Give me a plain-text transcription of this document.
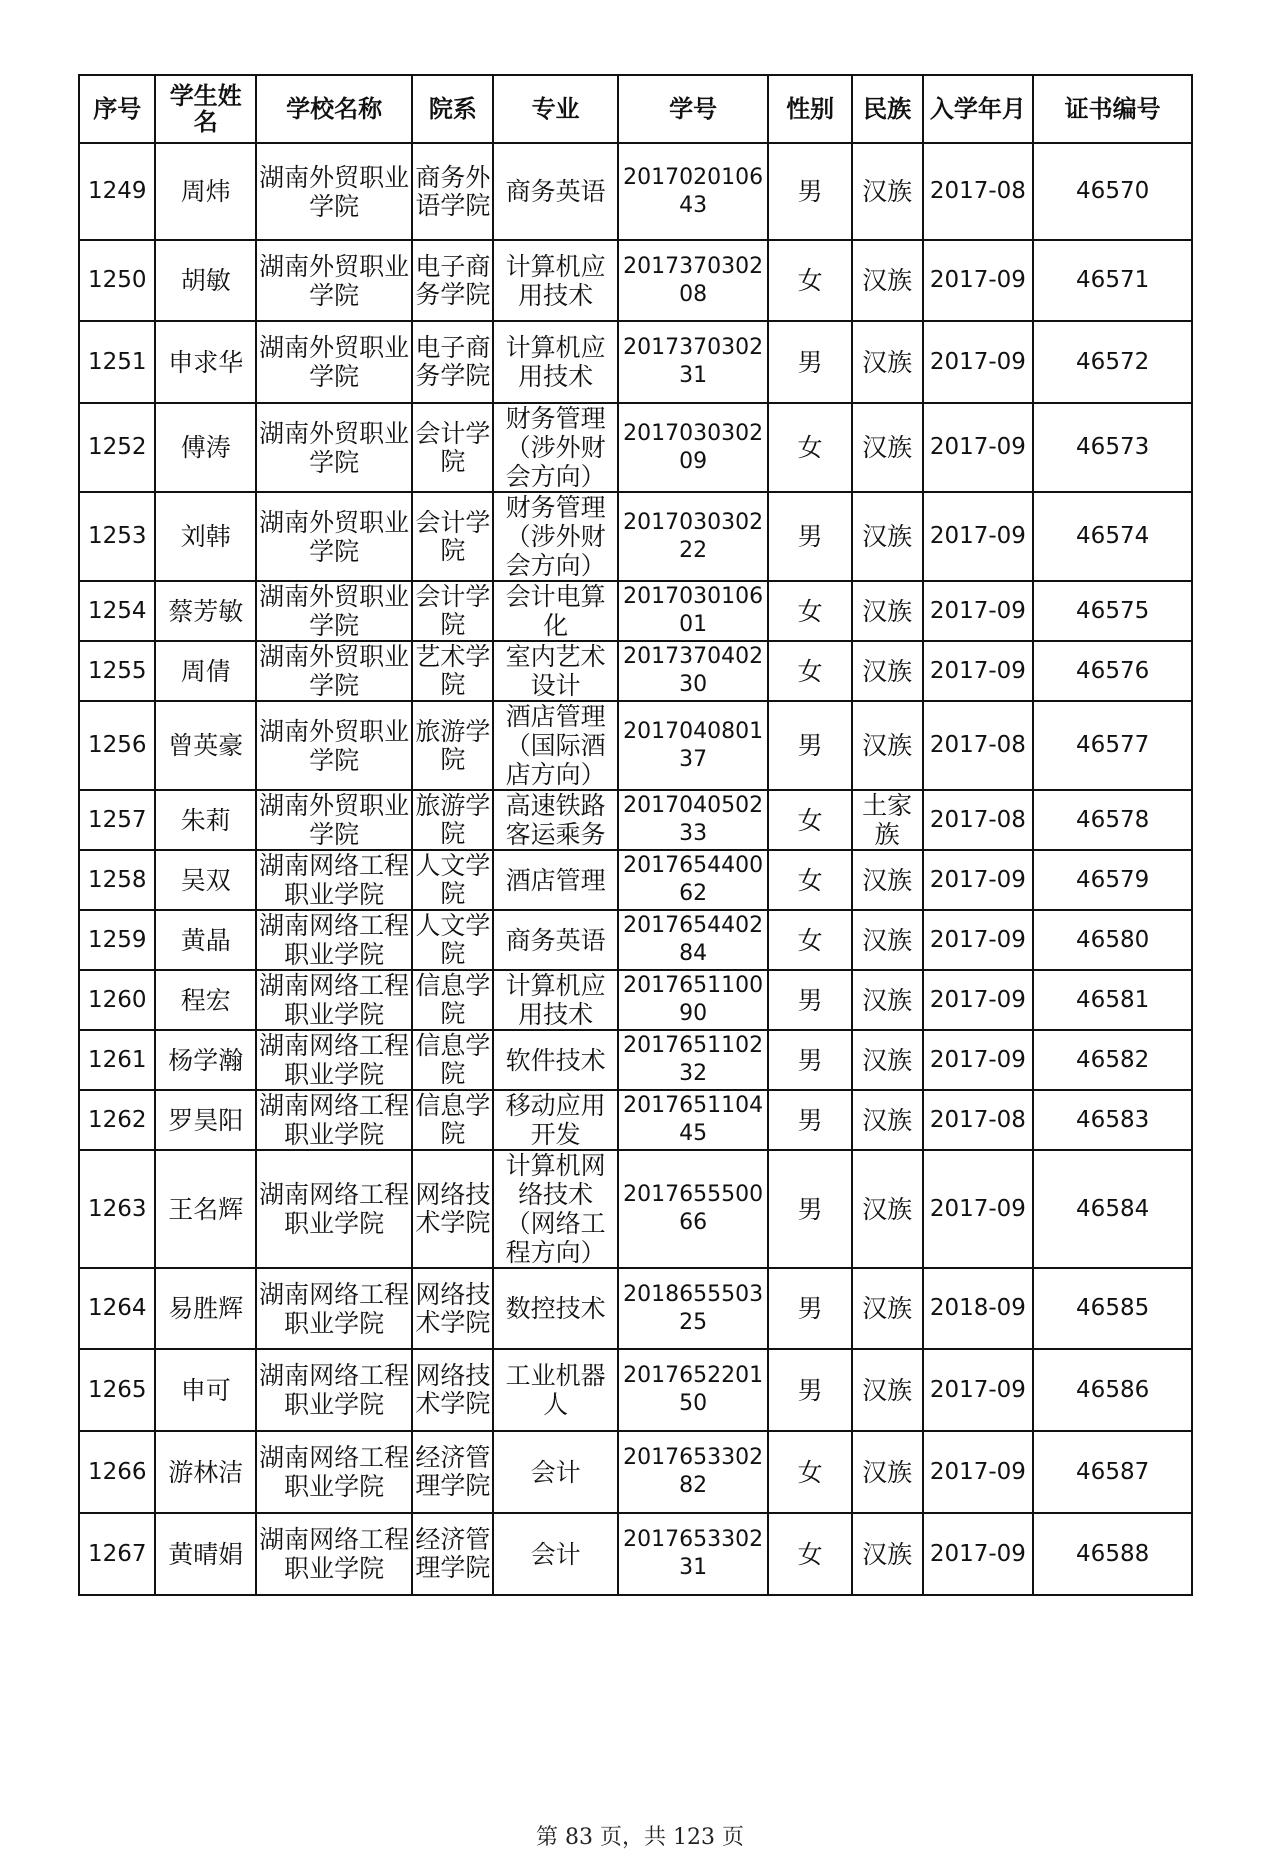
序号	学生姓名	学校名称	院系	专业	学号	性别	民族	入学年月	证书编号
1249	周炜	湖南外贸职业学院	商务外语学院	商务英语	201702010643	男	汉族	2017-08	46570
1250	胡敏	湖南外贸职业学院	电子商务学院	计算机应用技术	201737030208	女	汉族	2017-09	46571
1251	申求华	湖南外贸职业学院	电子商务学院	计算机应用技术	201737030231	男	汉族	2017-09	46572
1252	傅涛	湖南外贸职业学院	会计学院	财务管理（涉外财会方向）	201703030209	女	汉族	2017-09	46573
1253	刘韩	湖南外贸职业学院	会计学院	财务管理（涉外财会方向）	201703030222	男	汉族	2017-09	46574
1254	蔡芳敏	湖南外贸职业学院	会计学院	会计电算化	201703010601	女	汉族	2017-09	46575
1255	周倩	湖南外贸职业学院	艺术学院	室内艺术设计	201737040230	女	汉族	2017-09	46576
1256	曾英豪	湖南外贸职业学院	旅游学院	酒店管理（国际酒店方向）	201704080137	男	汉族	2017-08	46577
1257	朱莉	湖南外贸职业学院	旅游学院	高速铁路客运乘务	201704050233	女	土家族	2017-08	46578
1258	吴双	湖南网络工程职业学院	人文学院	酒店管理	201765440062	女	汉族	2017-09	46579
1259	黄晶	湖南网络工程职业学院	人文学院	商务英语	201765440284	女	汉族	2017-09	46580
1260	程宏	湖南网络工程职业学院	信息学院	计算机应用技术	201765110090	男	汉族	2017-09	46581
1261	杨学瀚	湖南网络工程职业学院	信息学院	软件技术	201765110232	男	汉族	2017-09	46582
1262	罗昊阳	湖南网络工程职业学院	信息学院	移动应用开发	201765110445	男	汉族	2017-08	46583
1263	王名辉	湖南网络工程职业学院	网络技术学院	计算机网络技术（网络工程方向）	201765550066	男	汉族	2017-09	46584
1264	易胜辉	湖南网络工程职业学院	网络技术学院	数控技术	201865550325	男	汉族	2018-09	46585
1265	申可	湖南网络工程职业学院	网络技术学院	工业机器人	201765220150	男	汉族	2017-09	46586
1266	游林洁	湖南网络工程职业学院	经济管理学院	会计	201765330282	女	汉族	2017-09	46587
1267	黄晴娟	湖南网络工程职业学院	经济管理学院	会计	201765330231	女	汉族	2017-09	46588
第 83 页，共 123 页
